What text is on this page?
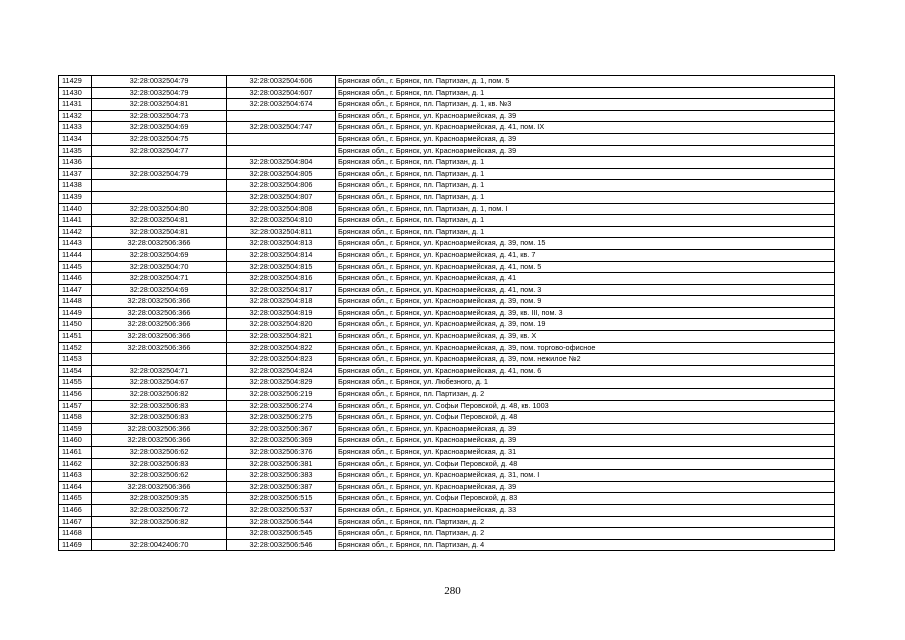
11429	32:28:0032504:79	32:28:0032504:606	Брянская обл., г. Брянск, пл. Партизан, д. 1, пом. 5
11430	32:28:0032504:79	32:28:0032504:607	Брянская обл., г. Брянск, пл. Партизан, д. 1
11431	32:28:0032504:81	32:28:0032504:674	Брянская обл., г. Брянск, пл. Партизан, д. 1, кв. №3
11432	32:28:0032504:73		Брянская обл., г. Брянск, ул. Красноармейская, д. 39
11433	32:28:0032504:69	32:28:0032504:747	Брянская обл., г. Брянск, ул. Красноармейская, д. 41, пом. IX
11434	32:28:0032504:75		Брянская обл., г. Брянск, ул. Красноармейская, д. 39
11435	32:28:0032504:77		Брянская обл., г. Брянск, ул. Красноармейская, д. 39
11436		32:28:0032504:804	Брянская обл., г. Брянск, пл. Партизан, д. 1
11437	32:28:0032504:79	32:28:0032504:805	Брянская обл., г. Брянск, пл. Партизан, д. 1
11438		32:28:0032504:806	Брянская обл., г. Брянск, пл. Партизан, д. 1
11439		32:28:0032504:807	Брянская обл., г. Брянск, пл. Партизан, д. 1
11440	32:28:0032504:80	32:28:0032504:808	Брянская обл., г. Брянск, пл. Партизан, д. 1, пом. I
11441	32:28:0032504:81	32:28:0032504:810	Брянская обл., г. Брянск, пл. Партизан, д. 1
11442	32:28:0032504:81	32:28:0032504:811	Брянская обл., г. Брянск, пл. Партизан, д. 1
11443	32:28:0032506:366	32:28:0032504:813	Брянская обл., г. Брянск, ул. Красноармейская, д. 39, пом. 15
11444	32:28:0032504:69	32:28:0032504:814	Брянская обл., г. Брянск, ул. Красноармейская, д. 41, кв. 7
11445	32:28:0032504:70	32:28:0032504:815	Брянская обл., г. Брянск, ул. Красноармейская, д. 41, пом. 5
11446	32:28:0032504:71	32:28:0032504:816	Брянская обл., г. Брянск, ул. Красноармейская, д. 41
11447	32:28:0032504:69	32:28:0032504:817	Брянская обл., г. Брянск, ул. Красноармейская, д. 41, пом. 3
11448	32:28:0032506:366	32:28:0032504:818	Брянская обл., г. Брянск, ул. Красноармейская, д. 39, пом. 9
11449	32:28:0032506:366	32:28:0032504:819	Брянская обл., г. Брянск, ул. Красноармейская, д. 39, кв. III, пом. 3
11450	32:28:0032506:366	32:28:0032504:820	Брянская обл., г. Брянск, ул. Красноармейская, д. 39, пом. 19
11451	32:28:0032506:366	32:28:0032504:821	Брянская обл., г. Брянск, ул. Красноармейская, д. 39, кв. X
11452	32:28:0032506:366	32:28:0032504:822	Брянская обл., г. Брянск, ул. Красноармейская, д. 39, пом. торгово-офисное
11453		32:28:0032504:823	Брянская обл., г. Брянск, ул. Красноармейская, д. 39, пом. нежилое №2
11454	32:28:0032504:71	32:28:0032504:824	Брянская обл., г. Брянск, ул. Красноармейская, д. 41, пом. 6
11455	32:28:0032504:67	32:28:0032504:829	Брянская обл., г. Брянск, ул. Любезного, д. 1
11456	32:28:0032506:82	32:28:0032506:219	Брянская обл., г. Брянск, пл. Партизан, д. 2
11457	32:28:0032506:83	32:28:0032506:274	Брянская обл., г. Брянск, ул. Софьи Перовской, д. 48, кв. 1003
11458	32:28:0032506:83	32:28:0032506:275	Брянская обл., г. Брянск, ул. Софьи Перовской, д. 48
11459	32:28:0032506:366	32:28:0032506:367	Брянская обл., г. Брянск, ул. Красноармейская, д. 39
11460	32:28:0032506:366	32:28:0032506:369	Брянская обл., г. Брянск, ул. Красноармейская, д. 39
11461	32:28:0032506:62	32:28:0032506:376	Брянская обл., г. Брянск, ул. Красноармейская, д. 31
11462	32:28:0032506:83	32:28:0032506:381	Брянская обл., г. Брянск, ул. Софьи Перовской, д. 48
11463	32:28:0032506:62	32:28:0032506:383	Брянская обл., г. Брянск, ул. Красноармейская, д. 31, пом. I
11464	32:28:0032506:366	32:28:0032506:387	Брянская обл., г. Брянск, ул. Красноармейская, д. 39
11465	32:28:0032509:35	32:28:0032506:515	Брянская обл., г. Брянск, ул. Софьи Перовской, д. 83
11466	32:28:0032506:72	32:28:0032506:537	Брянская обл., г. Брянск, ул. Красноармейская, д. 33
11467	32:28:0032506:82	32:28:0032506:544	Брянская обл., г. Брянск, пл. Партизан, д. 2
11468		32:28:0032506:545	Брянская обл., г. Брянск, пл. Партизан, д. 2
11469	32:28:0042406:70	32:28:0032506:546	Брянская обл., г. Брянск, пл. Партизан, д. 4
280
